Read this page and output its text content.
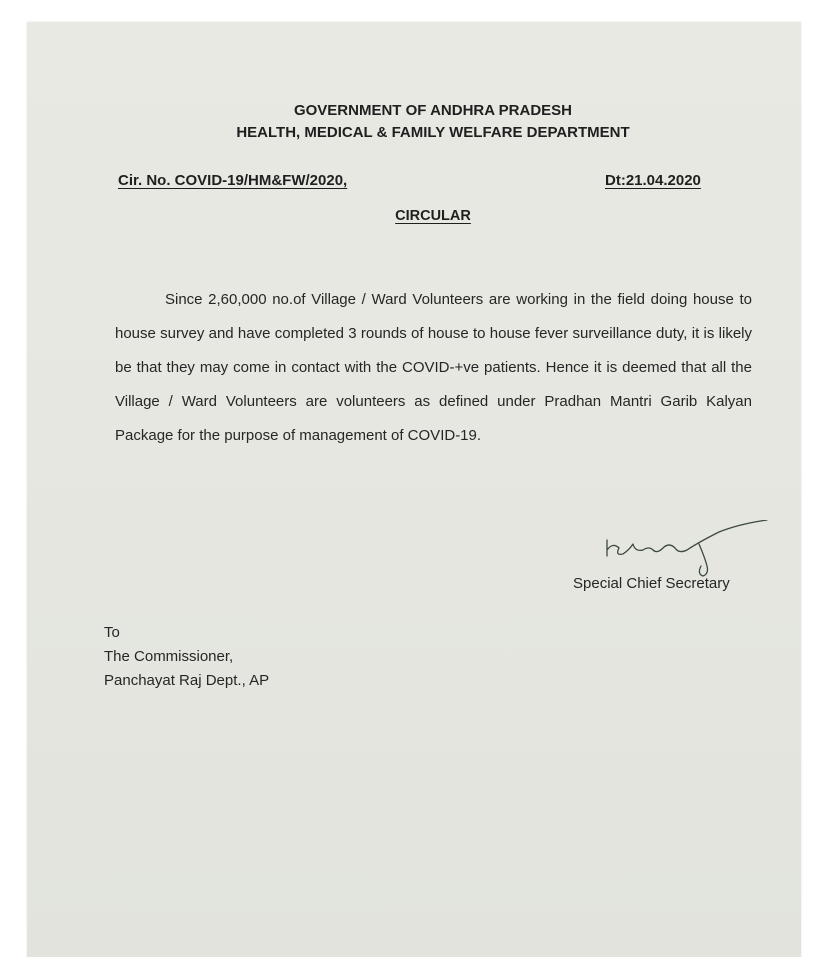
GOVERNMENT OF ANDHRA PRADESH

HEALTH, MEDICAL & FAMILY WELFARE DEPARTMENT

Cir. No. COVID-19/HM&FW/2020,	Dt:21.04.2020

CIRCULAR

Since 2,60,000 no.of Village / Ward Volunteers are working in the field doing house to house survey and have completed 3 rounds of house to house fever surveillance duty, it is likely be that they may come in contact with the COVID-+ve patients. Hence it is deemed that all the Village / Ward Volunteers are volunteers as defined under Pradhan Mantri Garib Kalyan Package for the purpose of management of COVID-19.

Special Chief Secretary

To
The Commissioner,
Panchayat Raj Dept., AP
